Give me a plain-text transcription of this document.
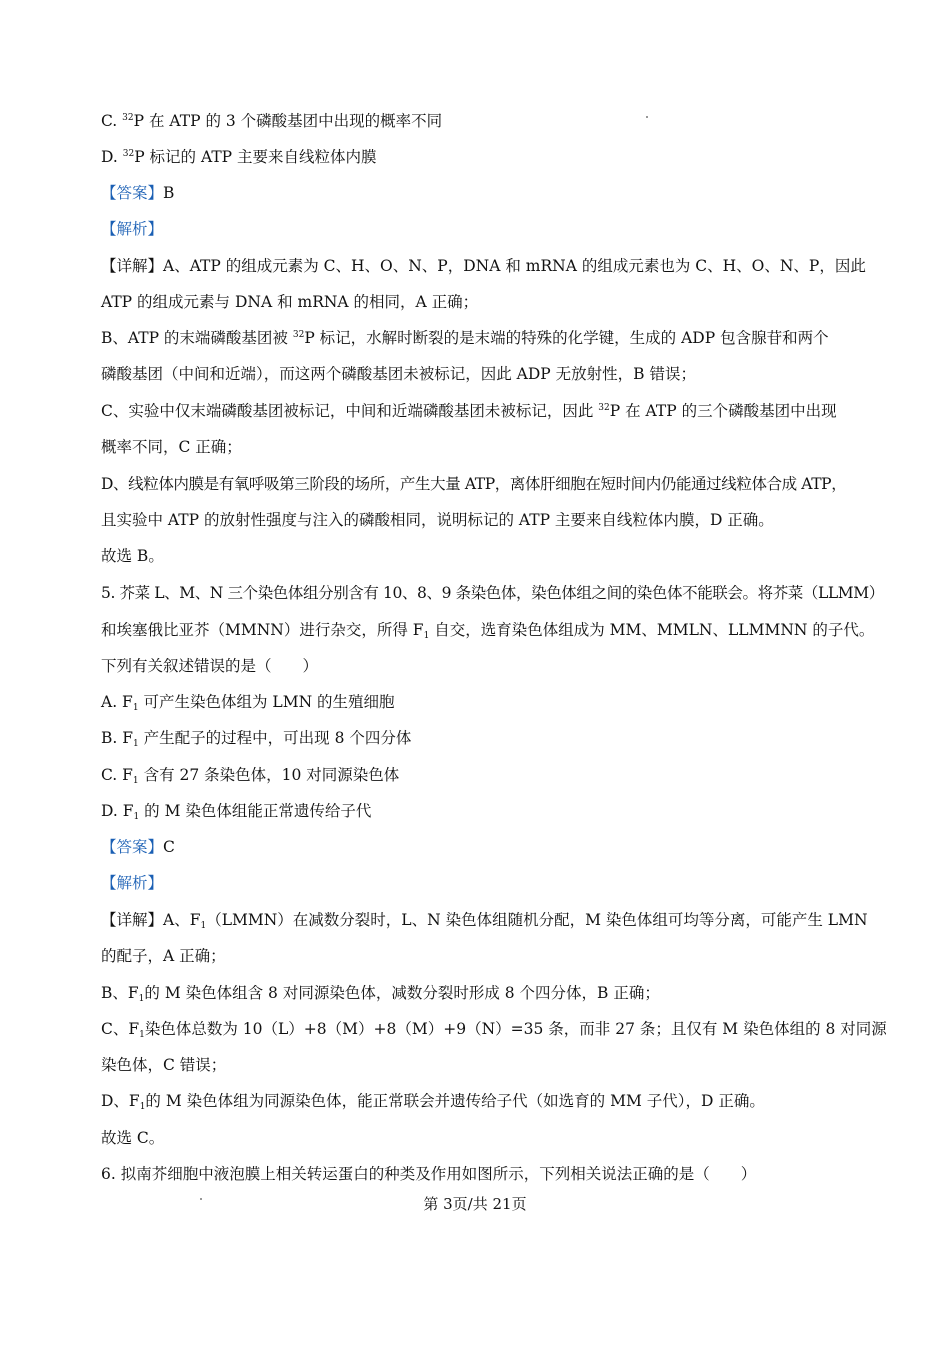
C. $^{32}$P 在 ATP 的 3 个磷酸基团中出现的概率不同
D. $^{32}$P 标记的 ATP 主要来自线粒体内膜
【答案】B
【解析】
【详解】A、ATP 的组成元素为 C、H、O、N、P，DNA 和 mRNA 的组成元素也为 C、H、O、N、P，因此
ATP 的组成元素与 DNA 和 mRNA 的相同，A 正确；
B、ATP 的末端磷酸基团被 $^{32}$P 标记，水解时断裂的是末端的特殊的化学键，生成的 ADP 包含腺苷和两个
磷酸基团（中间和近端），而这两个磷酸基团未被标记，因此 ADP 无放射性，B 错误；
C、实验中仅末端磷酸基团被标记，中间和近端磷酸基团未被标记，因此 $^{32}$P 在 ATP 的三个磷酸基团中出现
概率不同，C 正确；
D、线粒体内膜是有氧呼吸第三阶段的场所，产生大量 ATP，离体肝细胞在短时间内仍能通过线粒体合成 ATP，
且实验中 ATP 的放射性强度与注入的磷酸相同，说明标记的 ATP 主要来自线粒体内膜，D 正确。
故选 B。
5. 芥菜 L、M、N 三个染色体组分别含有 10、8、9 条染色体，染色体组之间的染色体不能联会。将芥菜（LLMM）
和埃塞俄比亚芥（MMNN）进行杂交，所得 $F_1$ 自交，选育染色体组成为 MM、MMLN、LLMMNN 的子代。
下列有关叙述错误的是（　　）
A. $F_1$ 可产生染色体组为 LMN 的生殖细胞
B. $F_1$ 产生配子的过程中，可出现 8 个四分体
C. $F_1$ 含有 27 条染色体，10 对同源染色体
D. $F_1$ 的 M 染色体组能正常遗传给子代
【答案】C
【解析】
【详解】A、$F_1(LMMN)$在减数分裂时，L、N 染色体组随机分配，M 染色体组可均等分离，可能产生 LMN
的配子，A 正确；
B、$F_1$的 M 染色体组含 8 对同源染色体，减数分裂时形成 8 个四分体，B 正确；
C、$F_1$染色体总数为 10（L）+8（M）+8（M）+9（N）=35 条，而非 27 条；且仅有 M 染色体组的 8 对同源
染色体，C 错误；
D、$F_1$的 M 染色体组为同源染色体，能正常联会并遗传给子代（如选育的 MM 子代），D 正确。
故选 C。
6. 拟南芥细胞中液泡膜上相关转运蛋白的种类及作用如图所示，下列相关说法正确的是（　　）
第 3页/共 21页
